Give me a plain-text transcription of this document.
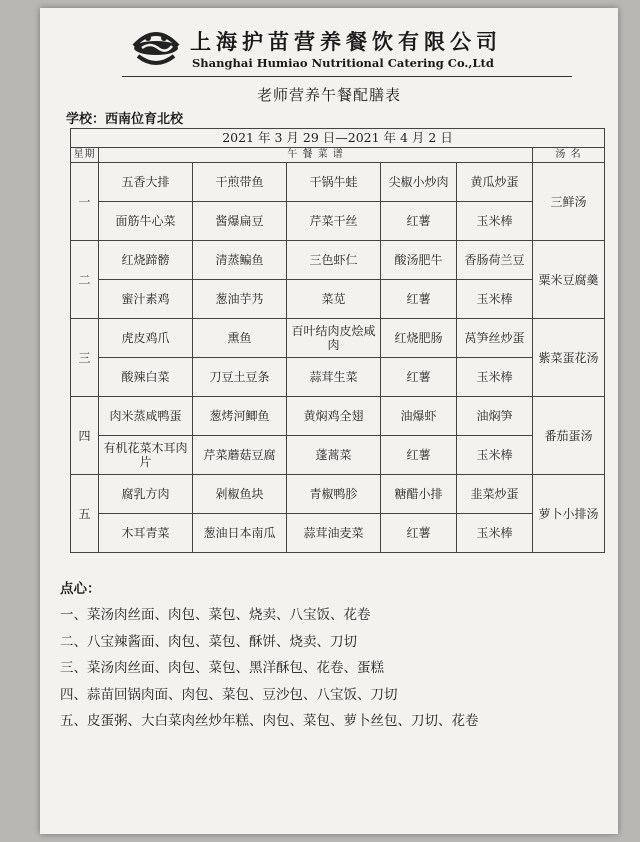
上海护苗营养餐饮有限公司
Shanghai Humiao Nutritional Catering Co.,Ltd
老师营养午餐配膳表
学校：西南位育北校
2021 年 3 月 29 日—2021 年 4 月 2 日						
星期	午 餐 菜 谱					汤 名
一	五香大排	干煎带鱼	干锅牛蛙	尖椒小炒肉	黄瓜炒蛋	三鲜汤
	面筋牛心菜	酱爆扁豆	芹菜干丝	红薯	玉米棒	
二	红烧蹄髈	清蒸鳊鱼	三色虾仁	酸汤肥牛	香肠荷兰豆	粟米豆腐羹
	蜜汁素鸡	葱油芋艿	菜苋	红薯	玉米棒	
三	虎皮鸡爪	熏鱼	百叶结肉皮烩咸肉	红烧肥肠	莴笋丝炒蛋	紫菜蛋花汤
	酸辣白菜	刀豆土豆条	蒜茸生菜	红薯	玉米棒	
四	肉米蒸咸鸭蛋	葱烤河鲫鱼	黄焖鸡全翅	油爆虾	油焖笋	番茄蛋汤
	有机花菜木耳肉片	芹菜蘑菇豆腐	蓬蒿菜	红薯	玉米棒	
五	腐乳方肉	剁椒鱼块	青椒鸭胗	糖醋小排	韭菜炒蛋	萝卜小排汤
	木耳青菜	葱油日本南瓜	蒜茸油麦菜	红薯	玉米棒	
点心：
一、菜汤肉丝面、肉包、菜包、烧卖、八宝饭、花卷
二、八宝辣酱面、肉包、菜包、酥饼、烧卖、刀切
三、菜汤肉丝面、肉包、菜包、黑洋酥包、花卷、蛋糕
四、蒜苗回锅肉面、肉包、菜包、豆沙包、八宝饭、刀切
五、皮蛋粥、大白菜肉丝炒年糕、肉包、菜包、萝卜丝包、刀切、花卷
